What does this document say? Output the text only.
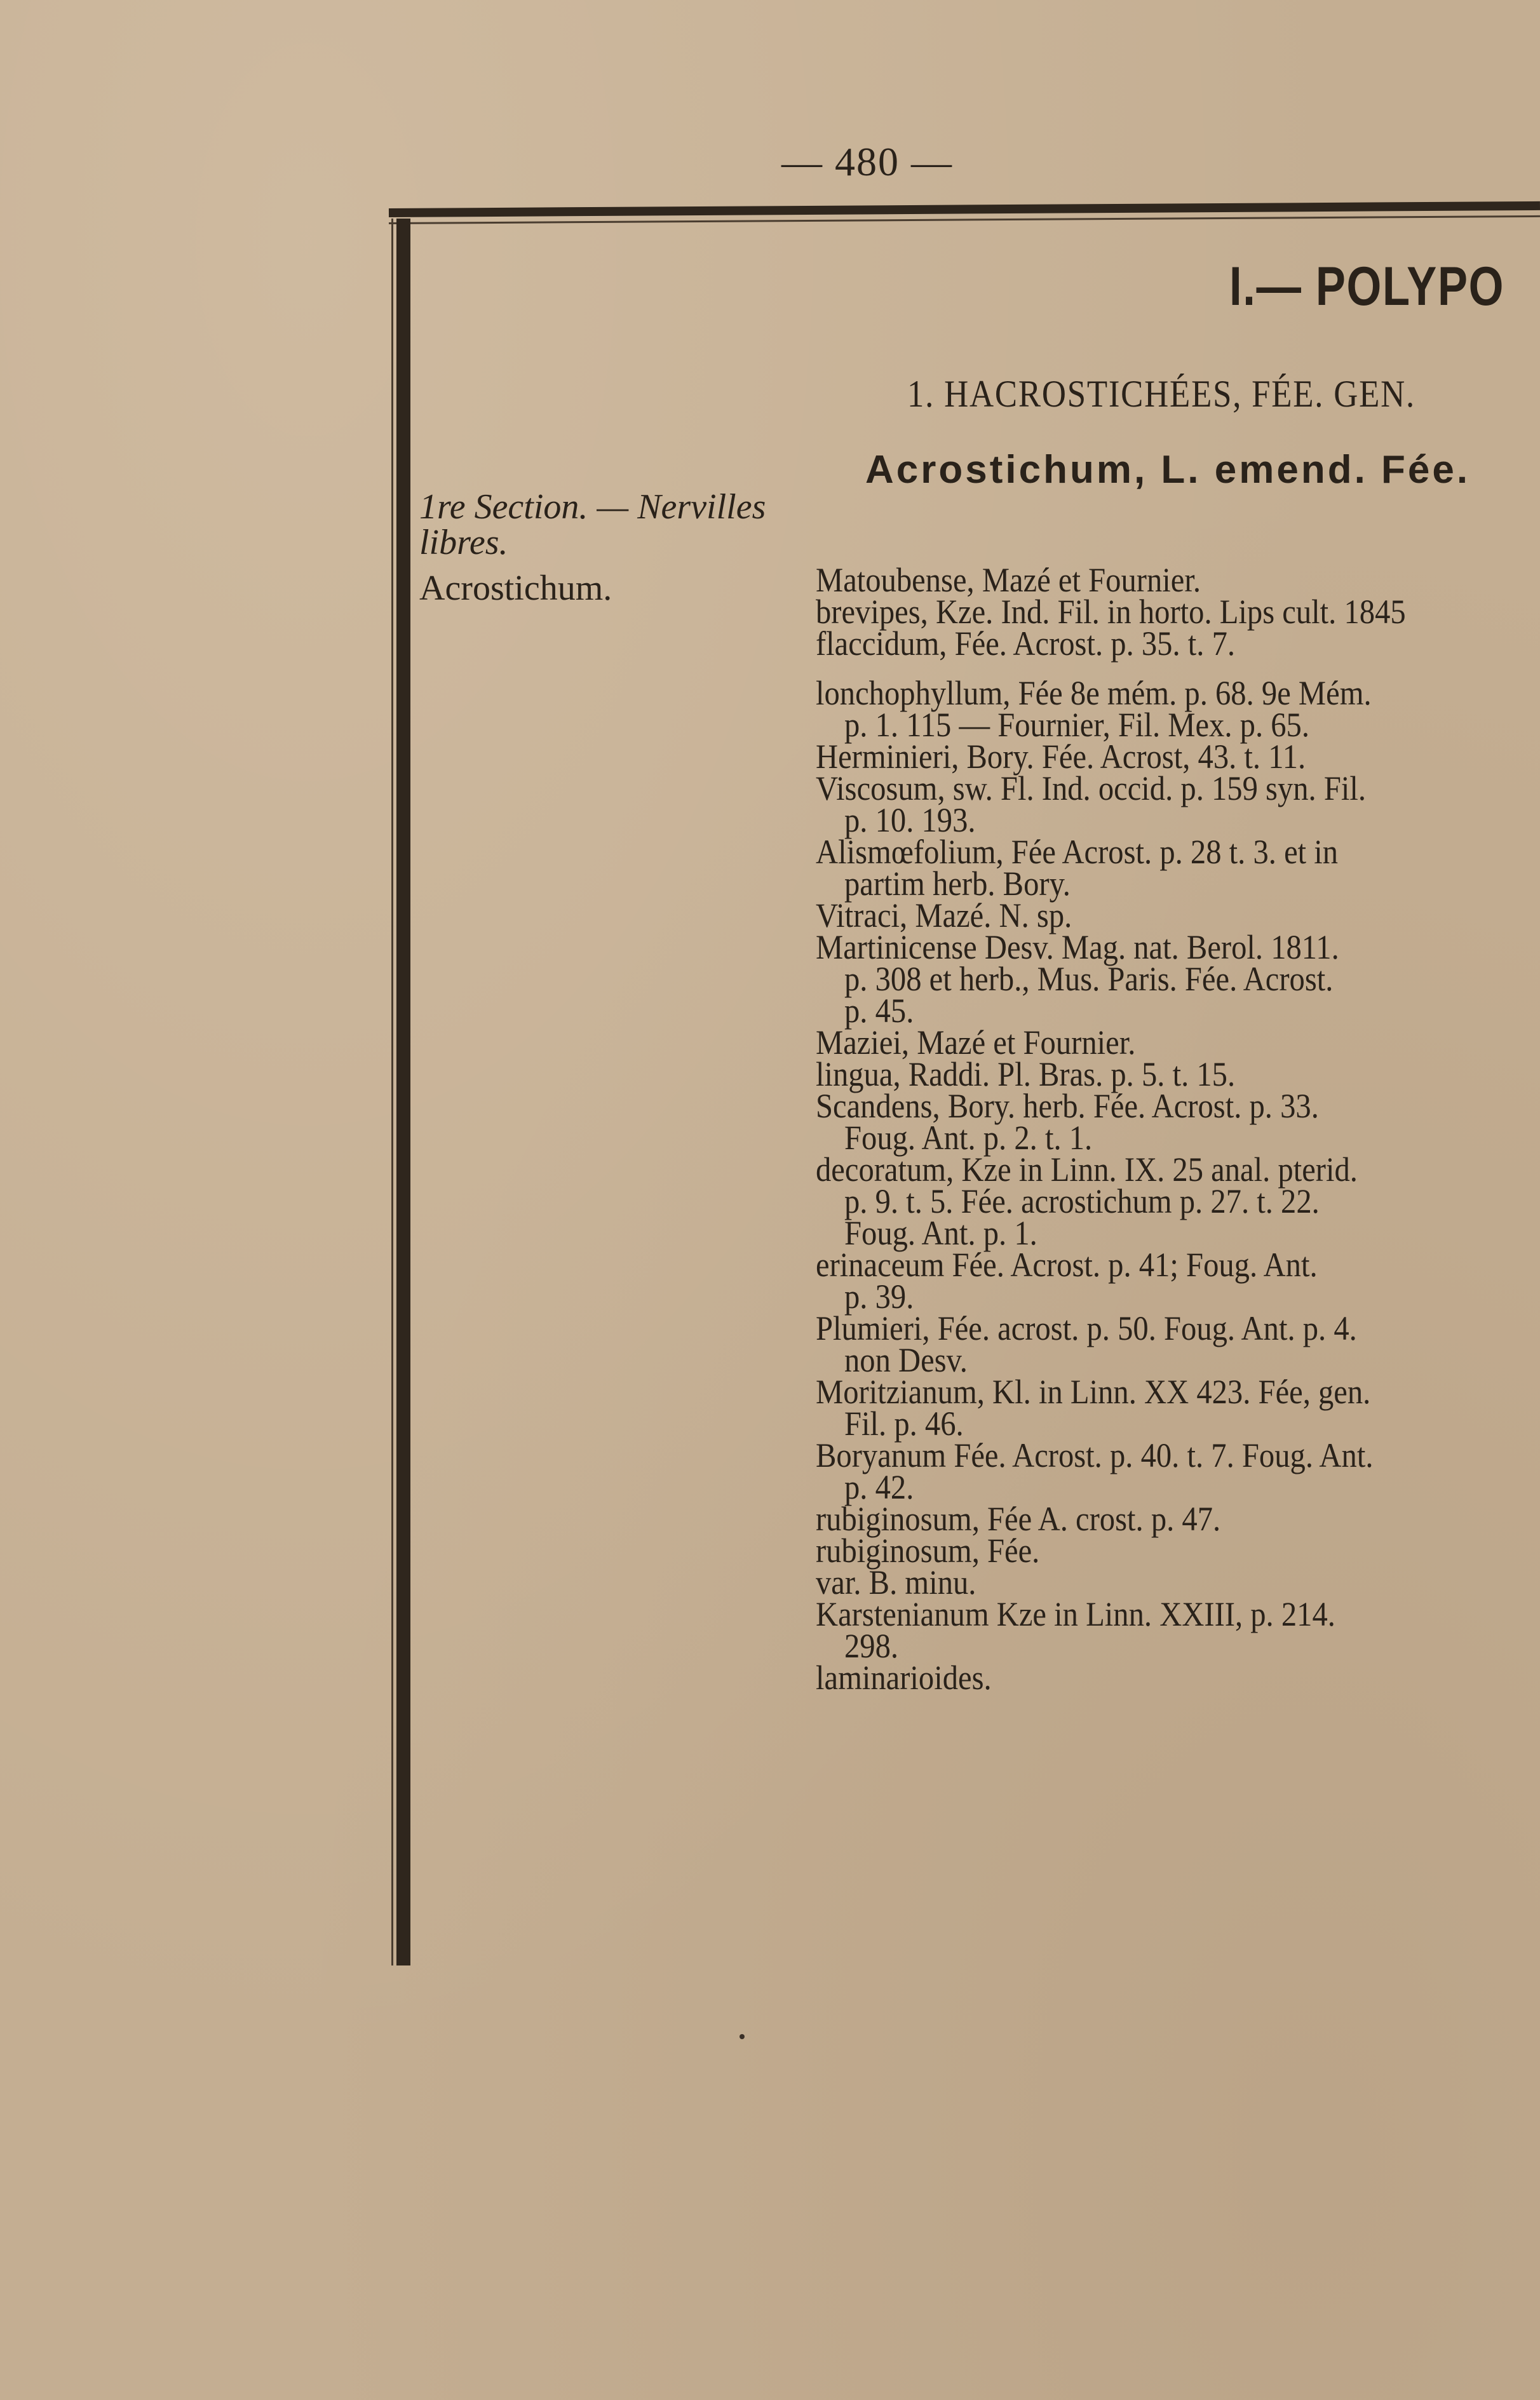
— 480 —
I.— POLYPO
1. HACROSTICHÉES, FÉE. GEN.
Acrostichum, L. emend. Fée.
1re Section. — Nervilles
libres.
Acrostichum.	Matoubense, Mazé et Fournier.
brevipes, Kze. Ind. Fil. in horto. Lips cult. 1845
flaccidum, Fée. Acrost. p. 35. t. 7.
lonchophyllum, Fée 8e mém. p. 68. 9e Mém.
p. 1. 115 — Fournier, Fil. Mex. p. 65.
Herminieri, Bory. Fée. Acrost, 43. t. 11.
Viscosum, sw. Fl. Ind. occid. p. 159 syn. Fil.
p. 10. 193.
Alismœfolium, Fée Acrost. p. 28 t. 3. et in
partim herb. Bory.
Vitraci, Mazé. N. sp.
Martinicense Desv. Mag. nat. Berol. 1811.
p. 308 et herb., Mus. Paris. Fée. Acrost.
p. 45.
Maziei, Mazé et Fournier.
lingua, Raddi. Pl. Bras. p. 5. t. 15.
Scandens, Bory. herb. Fée. Acrost. p. 33.
Foug. Ant. p. 2. t. 1.
decoratum, Kze in Linn. IX. 25 anal. pterid.
p. 9. t. 5. Fée. acrostichum p. 27. t. 22.
Foug. Ant. p. 1.
erinaceum Fée. Acrost. p. 41; Foug. Ant.
p. 39.
Plumieri, Fée. acrost. p. 50. Foug. Ant. p. 4.
non Desv.
Moritzianum, Kl. in Linn. XX 423. Fée, gen.
Fil. p. 46.
Boryanum Fée. Acrost. p. 40. t. 7. Foug. Ant.
p. 42.
rubiginosum, Fée A. crost. p. 47.
rubiginosum, Fée.
var. B. minu.
Karstenianum Kze in Linn. XXIII, p. 214.
298.
laminarioides.
